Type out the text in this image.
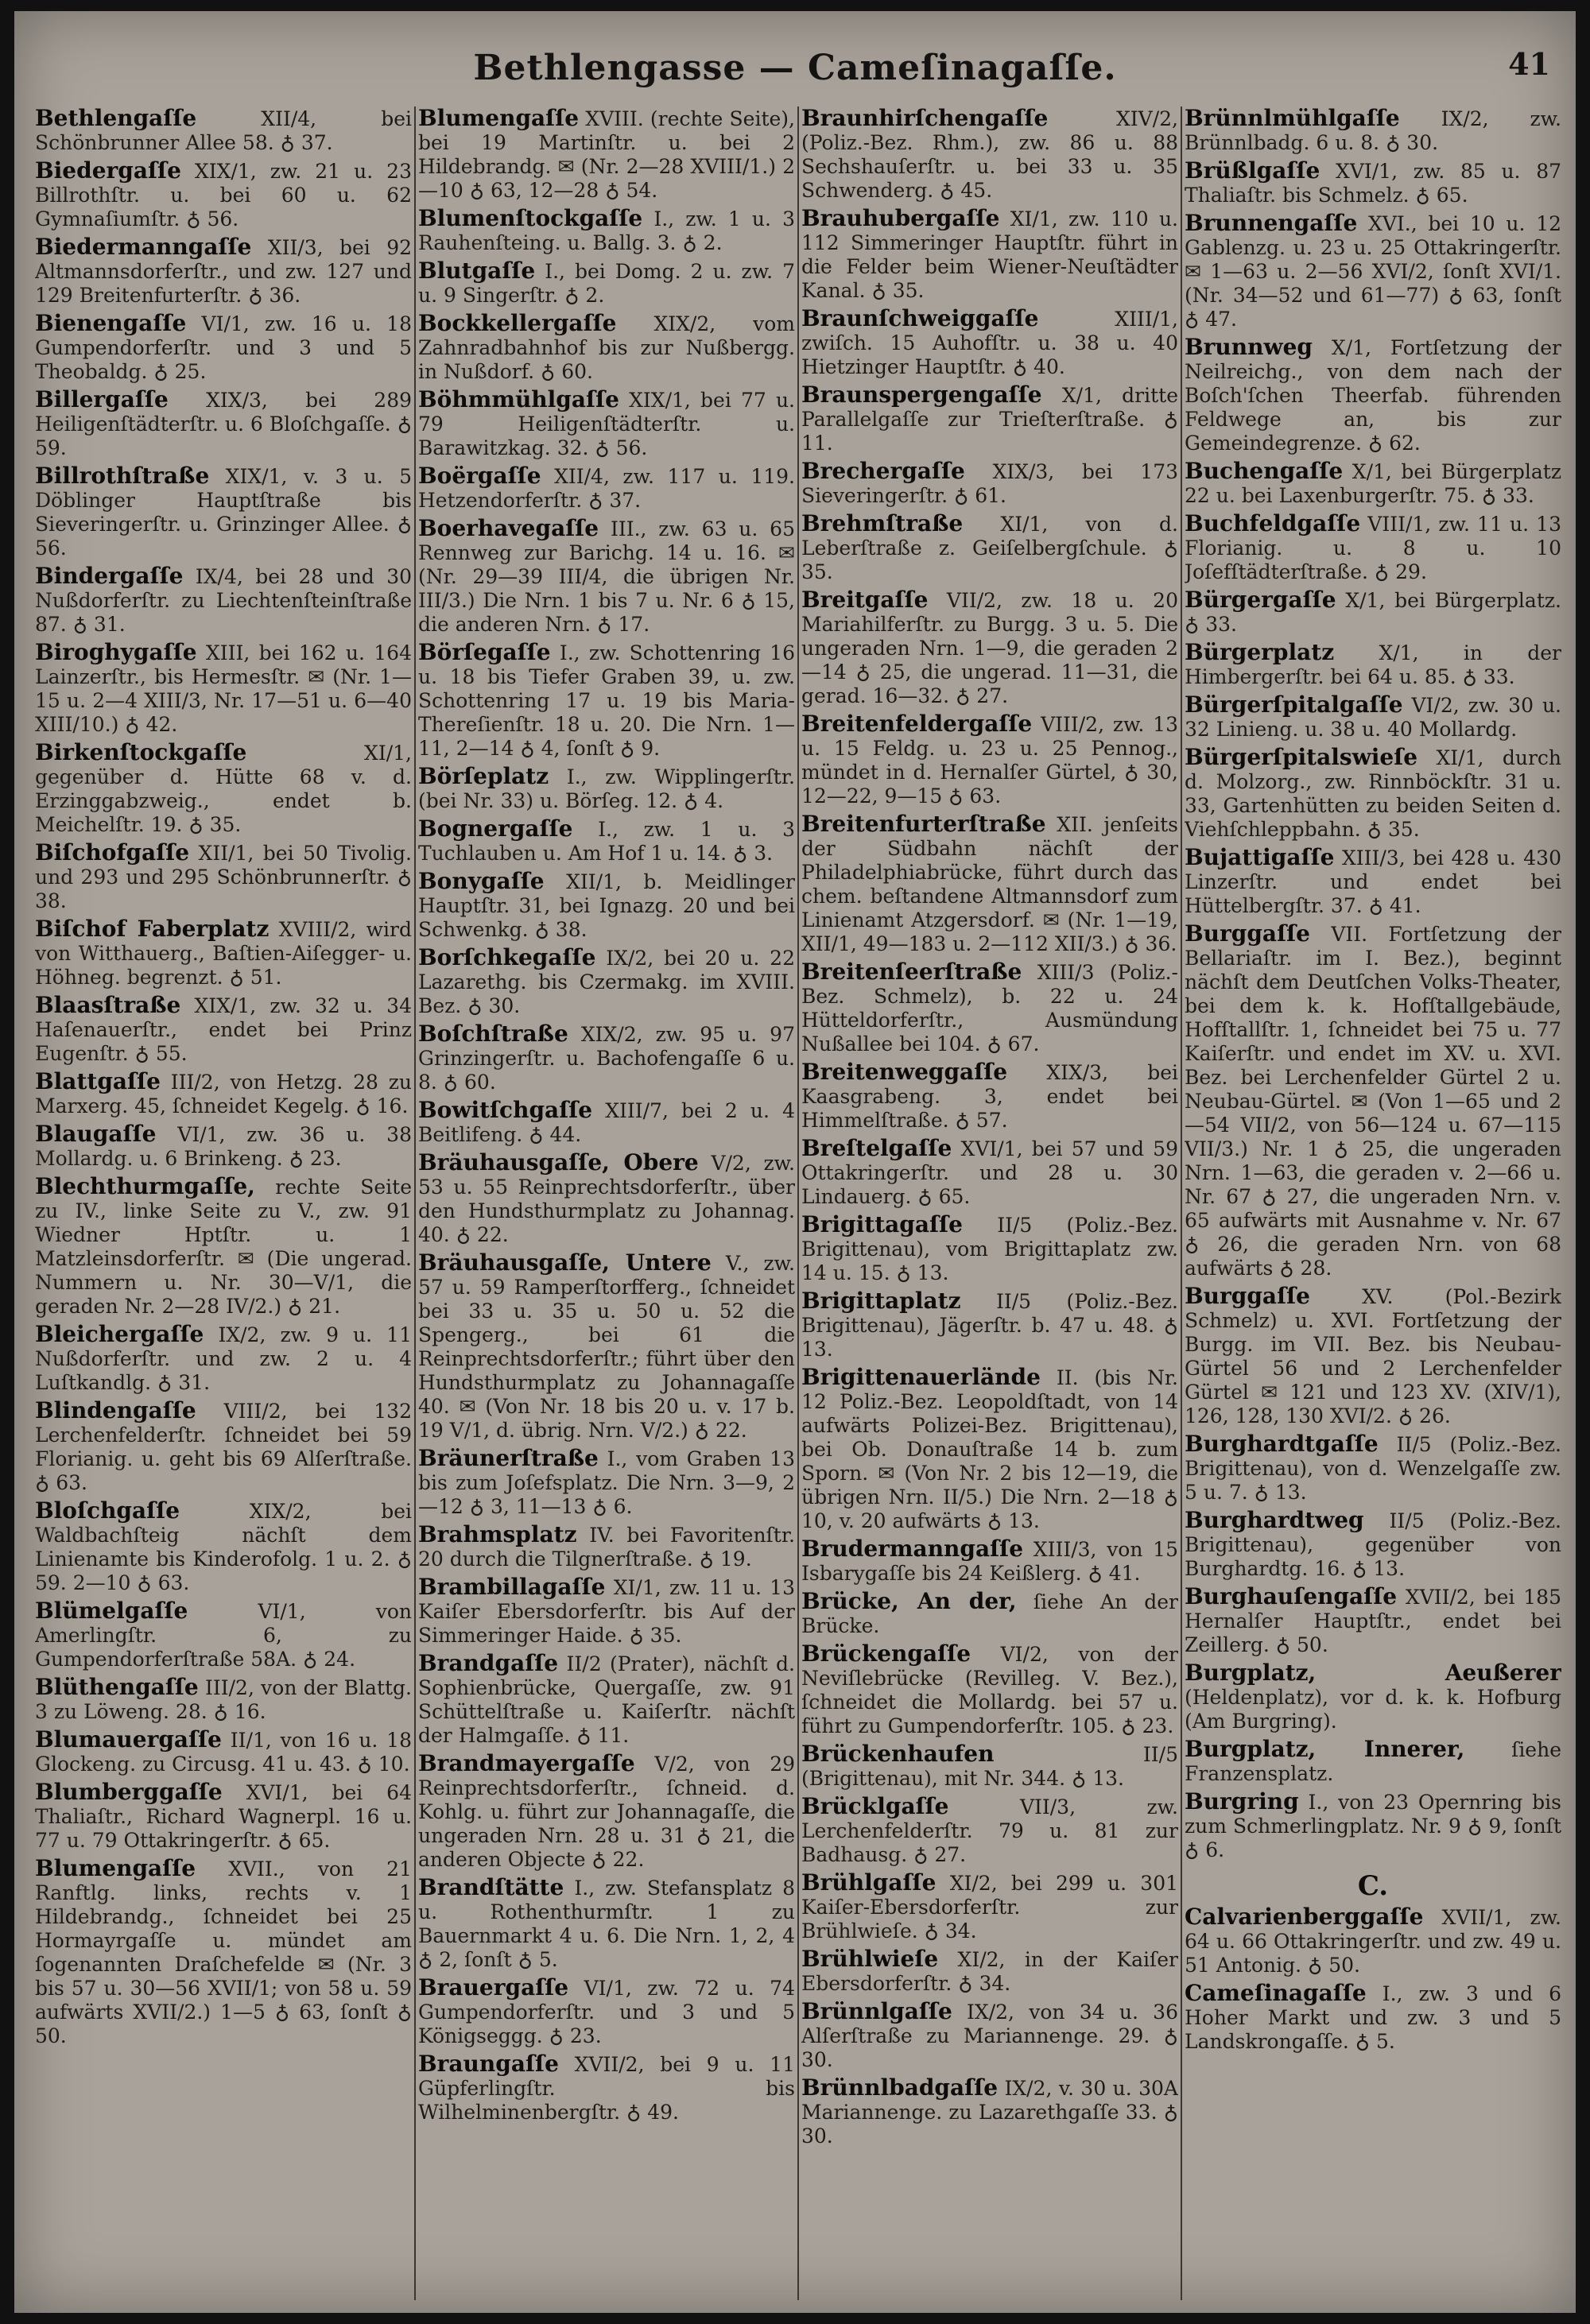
Bethlengasse — Cameſinagaſſe.	41

Bethlengaſſe	XII/4, bei Schönbrunner Allee 58. ♁ 37.

Biedergaſſe XIX/1, zw. 21 u. 23 Billrothſtr. u. bei 60 u. 62 Gymnaſiumſtr. ♁ 56.

Biedermanngaſſe XII/3, bei 92 Altmannsdorferſtr., und zw. 127 und 129 Breitenfurterſtr. ♁ 36.

Bienengaſſe VI/1, zw. 16 u. 18 Gumpendorferſtr. und 3 und 5 Theobaldg. ♁ 25.

Billergaſſe XIX/3, bei 289 Heiligenſtädterſtr. u. 6 Bloſchgaſſe. ♁ 59.

Billrothſtraße XIX/1, v. 3 u. 5 Döblinger Hauptſtraße bis Sieveringerſtr. u. Grinzinger Allee. ♁ 56.

Bindergaſſe IX/4, bei 28 und 30 Nußdorferſtr. zu Liechtenſteinſtraße 87. ♁ 31.

Biroghygaſſe XIII, bei 162 u. 164 Lainzerſtr., bis Hermesſtr. ✉ (Nr. 1—15 u. 2—4 XIII/3, Nr. 17—51 u. 6—40 XIII/10.) ♁ 42.

Birkenſtockgaſſe	XI/1, gegenüber d. Hütte 68 v. d. Erzinggabzweig., endet b. Meichelſtr. 19. ♁ 35.

Biſchofgaſſe XII/1, bei 50 Tivolig. und 293 und 295 Schönbrunnerſtr. ♁ 38.

Biſchof Faberplatz XVIII/2, wird von Witthauerg., Baſtien-Aiſegger- u. Höhneg. begrenzt. ♁ 51.

Blaasſtraße XIX/1, zw. 32 u. 34 Haſenauerſtr., endet bei Prinz Eugenſtr. ♁ 55.

Blattgaſſe III/2, von Hetzg. 28 zu Marxerg. 45, ſchneidet Kegelg. ♁ 16.

Blaugaſſe VI/1, zw. 36 u. 38 Mollardg. u. 6 Brinkeng. ♁ 23.

Blechthurmgaſſe, rechte Seite zu IV., linke Seite zu V., zw. 91 Wiedner Hptſtr. u. 1 Matzleinsdorferſtr. ✉ (Die ungerad. Nummern u. Nr. 30—V/1, die geraden Nr. 2—28 IV/2.) ♁ 21.

Bleichergaſſe IX/2, zw. 9 u. 11 Nußdorferſtr. und zw. 2 u. 4 Luſtkandlg. ♁ 31.

Blindengaſſe VIII/2, bei 132 Lerchenfelderſtr. ſchneidet bei 59 Florianig. u. geht bis 69 Alſerſtraße. ♁ 63.

Bloſchgaſſe	XIX/2, bei Waldbachſteig nächſt dem Linienamte bis Kinderofolg. 1 u. 2. ♁ 59. 2—10 ♁ 63.

Blümelgaſſe	VI/1, von Amerlingſtr. 6, zu Gumpendorferſtraße 58A. ♁ 24.

Blüthengaſſe III/2, von der Blattg. 3 zu Löweng. 28. ♁ 16.

Blumauergaſſe II/1, von 16 u. 18 Glockeng. zu Circusg. 41 u. 43. ♁ 10.

Blumberggaſſe XVI/1, bei 64 Thaliaſtr., Richard Wagnerpl. 16 u. 77 u. 79 Ottakringerſtr. ♁ 65.

Blumengaſſe XVII., von 21 Ranftlg. links, rechts v. 1 Hildebrandg., ſchneidet bei 25 Hormayrgaſſe u. mündet am ſogenannten Draſchefelde ✉ (Nr. 3 bis 57 u. 30—56 XVII/1; von 58 u. 59 aufwärts XVII/2.) 1—5 ♁ 63, ſonſt ♁ 50.

Blumengaſſe XVIII. (rechte Seite), bei 19 Martinſtr. u. bei 2 Hildebrandg. ✉ (Nr. 2—28 XVIII/1.) 2—10 ♁ 63, 12—28 ♁ 54.

Blumenſtockgaſſe I., zw. 1 u. 3 Rauhenſteing. u. Ballg. 3. ♁ 2.

Blutgaſſe I., bei Domg. 2 u. zw. 7 u. 9 Singerſtr. ♁ 2.

Bockkellergaſſe XIX/2, vom Zahnradbahnhof bis zur Nußbergg. in Nußdorf. ♁ 60.

Böhmmühlgaſſe XIX/1, bei 77 u. 79 Heiligenſtädterſtr. u. Barawitzkag. 32. ♁ 56.

Boërgaſſe XII/4, zw. 117 u. 119. Hetzendorferſtr. ♁ 37.

Boerhavegaſſe III., zw. 63 u. 65 Rennweg zur Barichg. 14 u. 16. ✉ (Nr. 29—39 III/4, die übrigen Nr. III/3.) Die Nrn. 1 bis 7 u. Nr. 6 ♁ 15, die anderen Nrn. ♁ 17.

Börſegaſſe I., zw. Schottenring 16 u. 18 bis Tiefer Graben 39, u. zw. Schottenring 17 u. 19 bis Maria-Thereſienſtr. 18 u. 20. Die Nrn. 1—11, 2—14 ♁ 4, ſonſt ♁ 9.

Börſeplatz I., zw. Wipplingerſtr. (bei Nr. 33) u. Börſeg. 12. ♁ 4.

Bognergaſſe I., zw. 1 u. 3 Tuchlauben u. Am Hof 1 u. 14. ♁ 3.

Bonygaſſe XII/1, b. Meidlinger Hauptſtr. 31, bei Ignazg. 20 und bei Schwenkg. ♁ 38.

Borſchkegaſſe IX/2, bei 20 u. 22 Lazarethg. bis Czermakg. im XVIII. Bez. ♁ 30.

Boſchſtraße XIX/2, zw. 95 u. 97 Grinzingerſtr. u. Bachofengaſſe 6 u. 8. ♁ 60.

Bowitſchgaſſe XIII/7, bei 2 u. 4 Beitlifeng. ♁ 44.

Bräuhausgaſſe, Obere V/2, zw. 53 u. 55 Reinprechtsdorferſtr., über den Hundsthurmplatz zu Johannag. 40. ♁ 22.

Bräuhausgaſſe, Untere V., zw. 57 u. 59 Ramperſtorfferg., ſchneidet bei 33 u. 35 u. 50 u. 52 die Spengerg., bei 61 die Reinprechtsdorferſtr.; führt über den Hundsthurmplatz zu Johannagaſſe 40. ✉ (Von Nr. 18 bis 20 u. v. 17 b. 19 V/1, d. übrig. Nrn. V/2.) ♁ 22.

Bräunerſtraße I., vom Graben 13 bis zum Joſefsplatz. Die Nrn. 3—9, 2—12 ♁ 3, 11—13 ♁ 6.

Brahmsplatz IV. bei Favoritenſtr. 20 durch die Tilgnerſtraße. ♁ 19.

Brambillagaſſe XI/1, zw. 11 u. 13 Kaiſer Ebersdorferſtr. bis Auf der Simmeringer Haide. ♁ 35.

Brandgaſſe II/2 (Prater), nächſt d. Sophienbrücke, Quergaſſe, zw. 91 Schüttelſtraße u. Kaiſerſtr. nächſt der Halmgaſſe. ♁ 11.

Brandmayergaſſe V/2, von 29 Reinprechtsdorferſtr., ſchneid. d. Kohlg. u. führt zur Johannagaſſe, die ungeraden Nrn. 28 u. 31 ♁ 21, die anderen Objecte ♁ 22.

Brandſtätte I., zw. Stefansplatz 8 u. Rothenthurmſtr. 1 zu Bauernmarkt 4 u. 6. Die Nrn. 1, 2, 4 ♁ 2, ſonſt ♁ 5.

Brauergaſſe VI/1, zw. 72 u. 74 Gumpendorferſtr. und 3 und 5 Königseggg. ♁ 23.

Braungaſſe XVII/2, bei 9 u. 11 Güpferlingſtr. bis Wilhelminenbergſtr. ♁ 49.

Braunhirſchengaſſe	XIV/2, (Poliz.-Bez. Rhm.), zw. 86 u. 88 Sechshauſerſtr. u. bei 33 u. 35 Schwenderg. ♁ 45.

Brauhubergaſſe XI/1, zw. 110 u. 112 Simmeringer Hauptſtr. führt in die Felder beim Wiener-Neuſtädter Kanal. ♁ 35.

Braunſchweiggaſſe	XIII/1, zwiſch. 15 Auhofſtr. u. 38 u. 40 Hietzinger Hauptſtr. ♁ 40.

Braunspergengaſſe X/1, dritte Parallelgaſſe zur Trieſterſtraße. ♁ 11.

Brechergaſſe XIX/3, bei 173 Sieveringerſtr. ♁ 61.

Brehmſtraße XI/1, von d. Leberſtraße z. Geiſelbergſchule. ♁ 35.

Breitgaſſe VII/2, zw. 18 u. 20 Mariahilferſtr. zu Burgg. 3 u. 5. Die ungeraden Nrn. 1—9, die geraden 2—14 ♁ 25, die ungerad. 11—31, die gerad. 16—32. ♁ 27.

Breitenfeldergaſſe VIII/2, zw. 13 u. 15 Feldg. u. 23 u. 25 Pennog., mündet in d. Hernalſer Gürtel, ♁ 30, 12—22, 9—15 ♁ 63.

Breitenfurterſtraße XII. jenſeits der Südbahn nächſt der Philadelphiabrücke, führt durch das chem. beſtandene Altmannsdorf zum Linienamt Atzgersdorf. ✉ (Nr. 1—19, XII/1, 49—183 u. 2—112 XII/3.) ♁ 36.

Breitenſeerſtraße XIII/3 (Poliz.-Bez. Schmelz), b. 22 u. 24 Hütteldorferſtr., Ausmündung Nußallee bei 104. ♁ 67.

Breitenweggaſſe XIX/3, bei Kaasgrabeng. 3, endet bei Himmelſtraße. ♁ 57.

Breſtelgaſſe XVI/1, bei 57 und 59 Ottakringerſtr. und 28 u. 30 Lindauerg. ♁ 65.

Brigittagaſſe II/5 (Poliz.-Bez. Brigittenau), vom Brigittaplatz zw. 14 u. 15. ♁ 13.

Brigittaplatz II/5 (Poliz.-Bez. Brigittenau), Jägerſtr. b. 47 u. 48. ♁ 13.

Brigittenauerlände II. (bis Nr. 12 Poliz.-Bez. Leopoldſtadt, von 14 aufwärts Polizei-Bez. Brigittenau), bei Ob. Donauſtraße 14 b. zum Sporn. ✉ (Von Nr. 2 bis 12—19, die übrigen Nrn. II/5.) Die Nrn. 2—18 ♁ 10, v. 20 aufwärts ♁ 13.

Brudermanngaſſe XIII/3, von 15 Isbarygaſſe bis 24 Keißlerg. ♁ 41.

Brücke, An der, ſiehe An der Brücke.

Brückengaſſe VI/2, von der Neviſlebrücke (Revilleg. V. Bez.), ſchneidet die Mollardg. bei 57 u. führt zu Gumpendorferſtr. 105. ♁ 23.

Brückenhaufen	II/5 (Brigittenau), mit Nr. 344. ♁ 13.

Brücklgaſſe	VII/3, zw. Lerchenfelderſtr. 79 u. 81 zur Badhausg. ♁ 27.

Brühlgaſſe XI/2, bei 299 u. 301 Kaiſer-Ebersdorferſtr. zur Brühlwieſe. ♁ 34.

Brühlwieſe XI/2, in der Kaiſer Ebersdorferſtr. ♁ 34.

Brünnlgaſſe IX/2, von 34 u. 36 Alſerſtraße zu Mariannenge. 29. ♁ 30.

Brünnlbadgaſſe IX/2, v. 30 u. 30A Mariannenge. zu Lazarethgaſſe 33. ♁ 30.

Brünnlmühlgaſſe IX/2, zw. Brünnlbadg. 6 u. 8. ♁ 30.

Brüßlgaſſe XVI/1, zw. 85 u. 87 Thaliaſtr. bis Schmelz. ♁ 65.

Brunnengaſſe XVI., bei 10 u. 12 Gablenzg. u. 23 u. 25 Ottakringerſtr. ✉ 1—63 u. 2—56 XVI/2, ſonſt XVI/1. (Nr. 34—52 und 61—77) ♁ 63, ſonſt ♁ 47.

Brunnweg X/1, Fortſetzung der Neilreichg., von dem nach der Boſch'ſchen Theerfab. führenden Feldwege an, bis zur Gemeindegrenze. ♁ 62.

Buchengaſſe X/1, bei Bürgerplatz 22 u. bei Laxenburgerſtr. 75. ♁ 33.

Buchfeldgaſſe VIII/1, zw. 11 u. 13 Florianig. u. 8 u. 10 Joſefſtädterſtraße. ♁ 29.

Bürgergaſſe X/1, bei Bürgerplatz. ♁ 33.

Bürgerplatz X/1, in der Himbergerſtr. bei 64 u. 85. ♁ 33.

Bürgerſpitalgaſſe VI/2, zw. 30 u. 32 Linieng. u. 38 u. 40 Mollardg.

Bürgerſpitalswieſe XI/1, durch d. Molzorg., zw. Rinnböckſtr. 31 u. 33, Gartenhütten zu beiden Seiten d. Viehſchleppbahn. ♁ 35.

Bujattigaſſe XIII/3, bei 428 u. 430 Linzerſtr. und endet bei Hüttelbergſtr. 37. ♁ 41.

Burggaſſe VII. Fortſetzung der Bellariaſtr. im I. Bez.), beginnt nächſt dem Deutſchen Volks-Theater, bei dem k. k. Hofſtallgebäude, Hofſtallſtr. 1, ſchneidet bei 75 u. 77 Kaiſerſtr. und endet im XV. u. XVI. Bez. bei Lerchenfelder Gürtel 2 u. Neubau-Gürtel. ✉ (Von 1—65 und 2—54 VII/2, von 56—124 u. 67—115 VII/3.) Nr. 1 ♁ 25, die ungeraden Nrn. 1—63, die geraden v. 2—66 u. Nr. 67 ♁ 27, die ungeraden Nrn. v. 65 aufwärts mit Ausnahme v. Nr. 67 ♁ 26, die geraden Nrn. von 68 aufwärts ♁ 28.

Burggaſſe	XV. (Pol.-Bezirk Schmelz) u. XVI. Fortſetzung der Burgg. im VII. Bez. bis Neubau-Gürtel 56 und 2 Lerchenfelder Gürtel ✉ 121 und 123 XV. (XIV/1), 126, 128, 130 XVI/2. ♁ 26.

Burghardtgaſſe II/5 (Poliz.-Bez. Brigittenau), von d. Wenzelgaſſe zw. 5 u. 7. ♁ 13.

Burghardtweg II/5 (Poliz.-Bez. Brigittenau), gegenüber von Burghardtg. 16. ♁ 13.

Burghauſengaſſe XVII/2, bei 185 Hernalſer Hauptſtr., endet bei Zeillerg. ♁ 50.

Burgplatz, Aeußerer (Heldenplatz), vor d. k. k. Hofburg (Am Burgring).

Burgplatz, Innerer, ſiehe Franzensplatz.

Burgring I., von 23 Opernring bis zum Schmerlingplatz. Nr. 9 ♁ 9, ſonſt ♁ 6.

C.

Calvarienberggaſſe XVII/1, zw. 64 u. 66 Ottakringerſtr. und zw. 49 u. 51 Antonig. ♁ 50.

Cameſinagaſſe I., zw. 3 und 6 Hoher Markt und zw. 3 und 5 Landskrongaſſe. ♁ 5.
